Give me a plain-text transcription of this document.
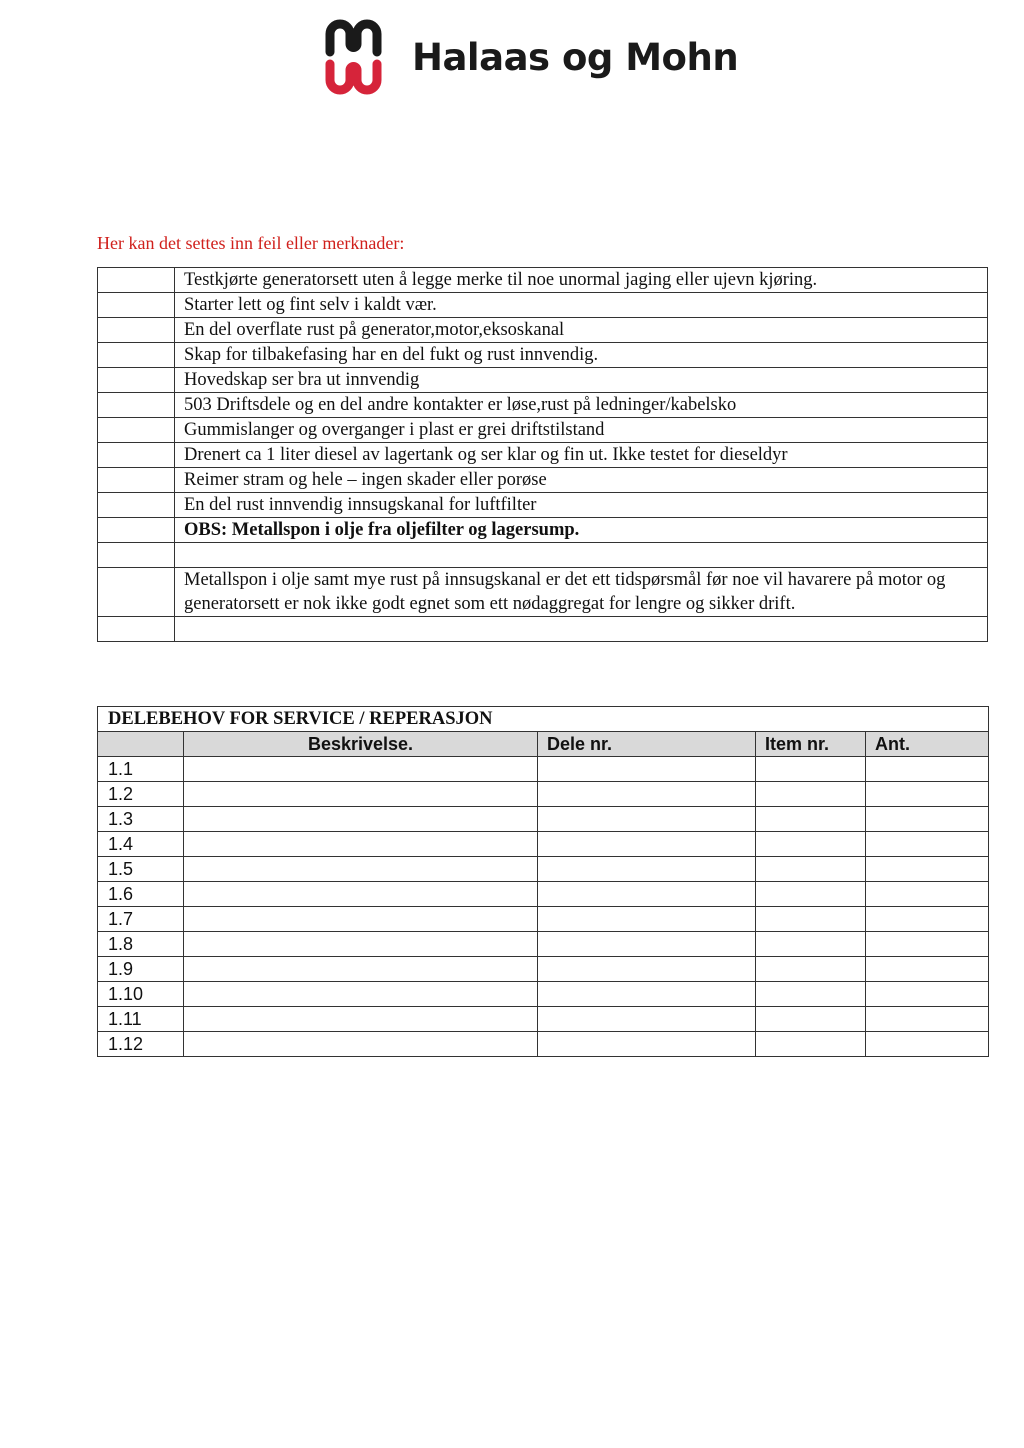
Halaas og Mohn
Her kan det settes inn feil eller merknader:
	Testkjørte generatorsett uten å legge merke til noe unormal jaging eller ujevn kjøring.
	Starter lett og fint selv i kaldt vær.
	En del overflate rust på generator,motor,eksoskanal
	Skap for tilbakefasing har en del fukt og rust innvendig.
	Hovedskap ser bra ut innvendig
	503 Driftsdele og en del andre kontakter er løse,rust på ledninger/kabelsko
	Gummislanger og overganger i plast er grei driftstilstand
	Drenert ca 1 liter diesel av lagertank og ser klar og fin ut. Ikke testet for dieseldyr
	Reimer stram og hele – ingen skader eller porøse
	En del rust innvendig innsugskanal for luftfilter
	OBS: Metallspon i olje fra oljefilter og lagersump.

	Metallspon i olje samt mye rust på innsugskanal er det ett tidspørsmål før noe vil havarere på motor og generatorsett er nok ikke godt egnet som ett nødaggregat for lengre og sikker drift.

DELEBEHOV FOR SERVICE / REPERASJON				
	Beskrivelse.	Dele nr.	Item nr.	Ant.
1.1				
1.2				
1.3				
1.4				
1.5				
1.6				
1.7				
1.8				
1.9				
1.10				
1.11				
1.12				
